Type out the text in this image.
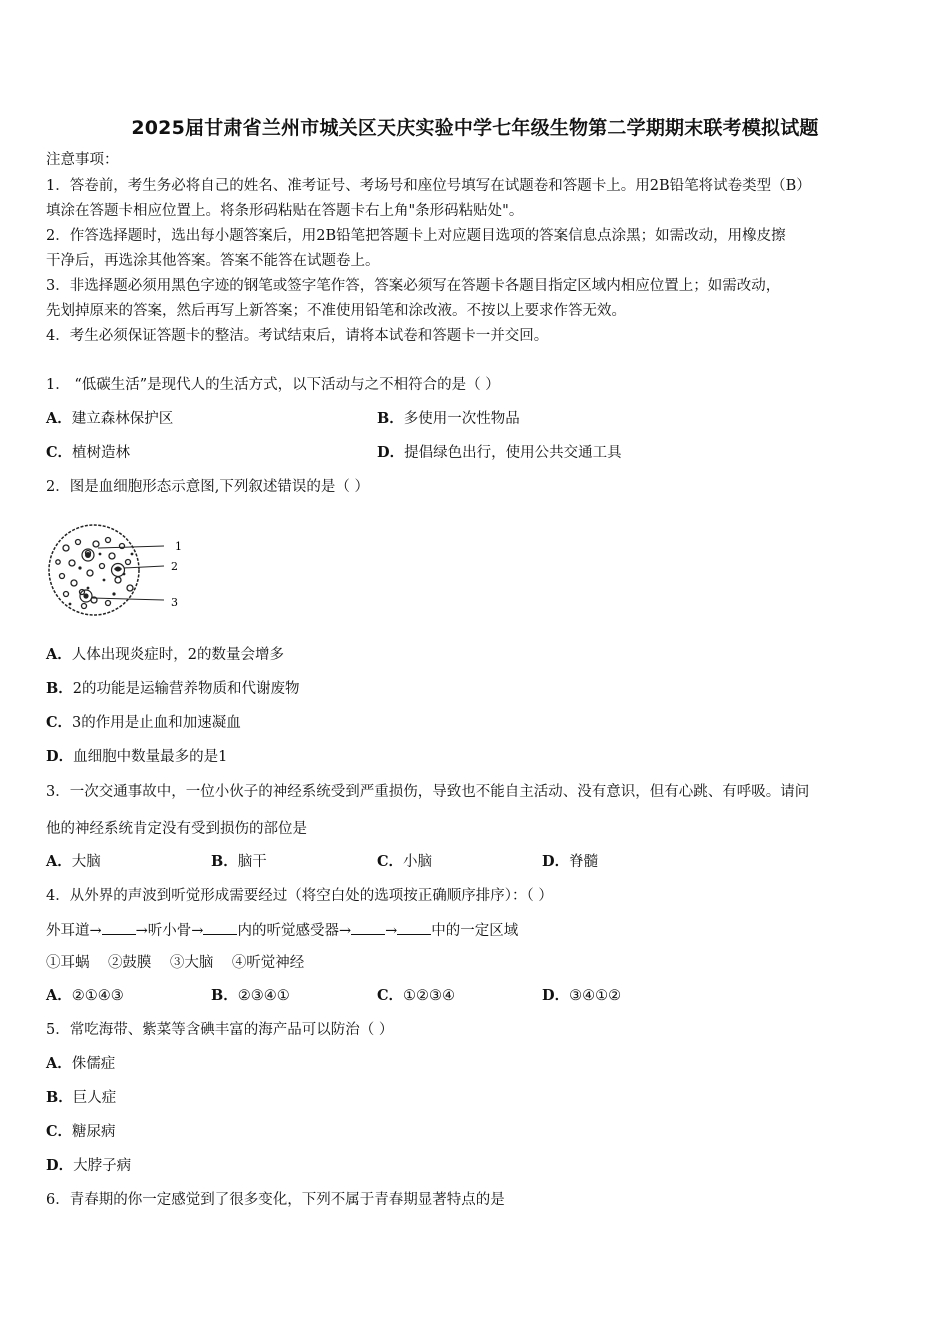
2025届甘肃省兰州市城关区天庆实验中学七年级生物第二学期期末联考模拟试题
注意事项：
1．答卷前，考生务必将自己的姓名、准考证号、考场号和座位号填写在试题卷和答题卡上。用2B铅笔将试卷类型（B）
填涂在答题卡相应位置上。将条形码粘贴在答题卡右上角"条形码粘贴处"。
2．作答选择题时，选出每小题答案后，用2B铅笔把答题卡上对应题目选项的答案信息点涂黑；如需改动，用橡皮擦
干净后，再选涂其他答案。答案不能答在试题卷上。
3．非选择题必须用黑色字迹的钢笔或签字笔作答，答案必须写在答题卡各题目指定区域内相应位置上；如需改动，
先划掉原来的答案，然后再写上新答案；不准使用铅笔和涂改液。不按以上要求作答无效。
4．考生必须保证答题卡的整洁。考试结束后，请将本试卷和答题卡一并交回。
1． “低碳生活”是现代人的生活方式，以下活动与之不相符合的是（ ）
A．建立森林保护区	B．多使用一次性物品
C．植树造林	D．提倡绿色出行，使用公共交通工具
2．图是血细胞形态示意图,下列叙述错误的是（ ）
1
2
3
A．人体出现炎症时，2的数量会增多
B．2的功能是运输营养物质和代谢废物
C．3的作用是止血和加速凝血
D．血细胞中数量最多的是1
3．一次交通事故中，一位小伙子的神经系统受到严重损伤，导致也不能自主活动、没有意识，但有心跳、有呼吸。请问
他的神经系统肯定没有受到损伤的部位是
A．大脑	B．脑干	C．小脑	D．脊髓
4．从外界的声波到听觉形成需要经过（将空白处的选项按正确顺序排序）：（ ）
外耳道→ →听小骨→ 内的听觉感受器→ → 中的一定区域
①耳蜗 ②鼓膜 ③大脑 ④听觉神经
A．②①④③	B．②③④①	C．①②③④	D．③④①②
5．常吃海带、紫菜等含碘丰富的海产品可以防治（ ）
A．侏儒症
B．巨人症
C．糖尿病
D．大脖子病
6．青春期的你一定感觉到了很多变化，下列不属于青春期显著特点的是
